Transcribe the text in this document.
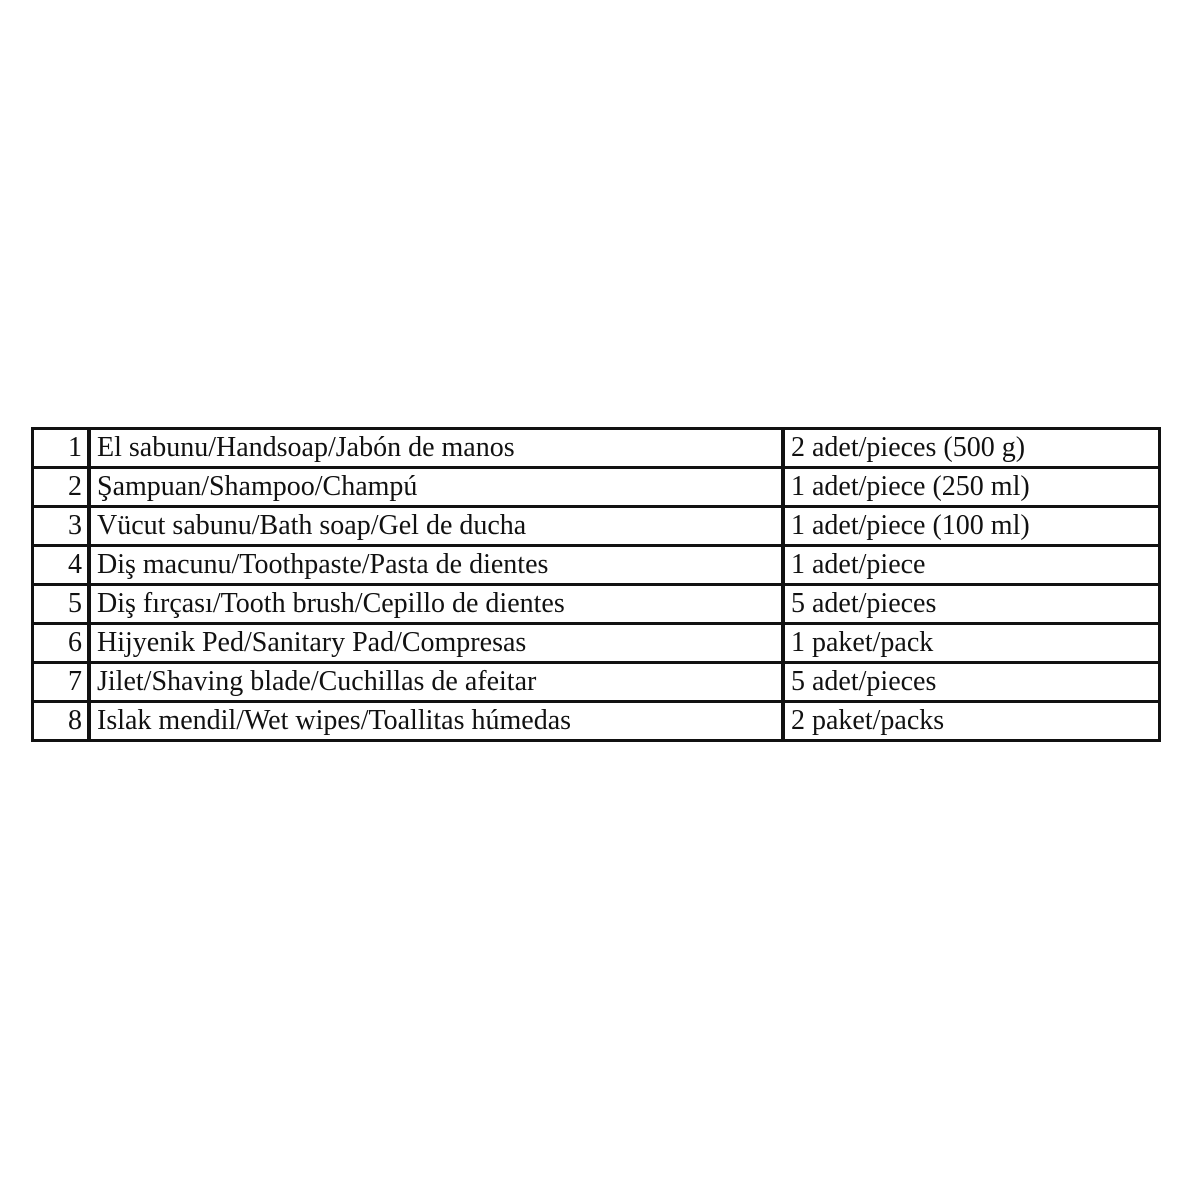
1	El sabunu/Handsoap/Jabón de manos	2 adet/pieces (500 g)
2	Şampuan/Shampoo/Champú	1 adet/piece (250 ml)
3	Vücut sabunu/Bath soap/Gel de ducha	1 adet/piece (100 ml)
4	Diş macunu/Toothpaste/Pasta de dientes	1 adet/piece
5	Diş fırçası/Tooth brush/Cepillo de dientes	5 adet/pieces
6	Hijyenik Ped/Sanitary Pad/Compresas	1 paket/pack
7	Jilet/Shaving blade/Cuchillas de afeitar	5 adet/pieces
8	Islak mendil/Wet wipes/Toallitas húmedas	2 paket/packs
